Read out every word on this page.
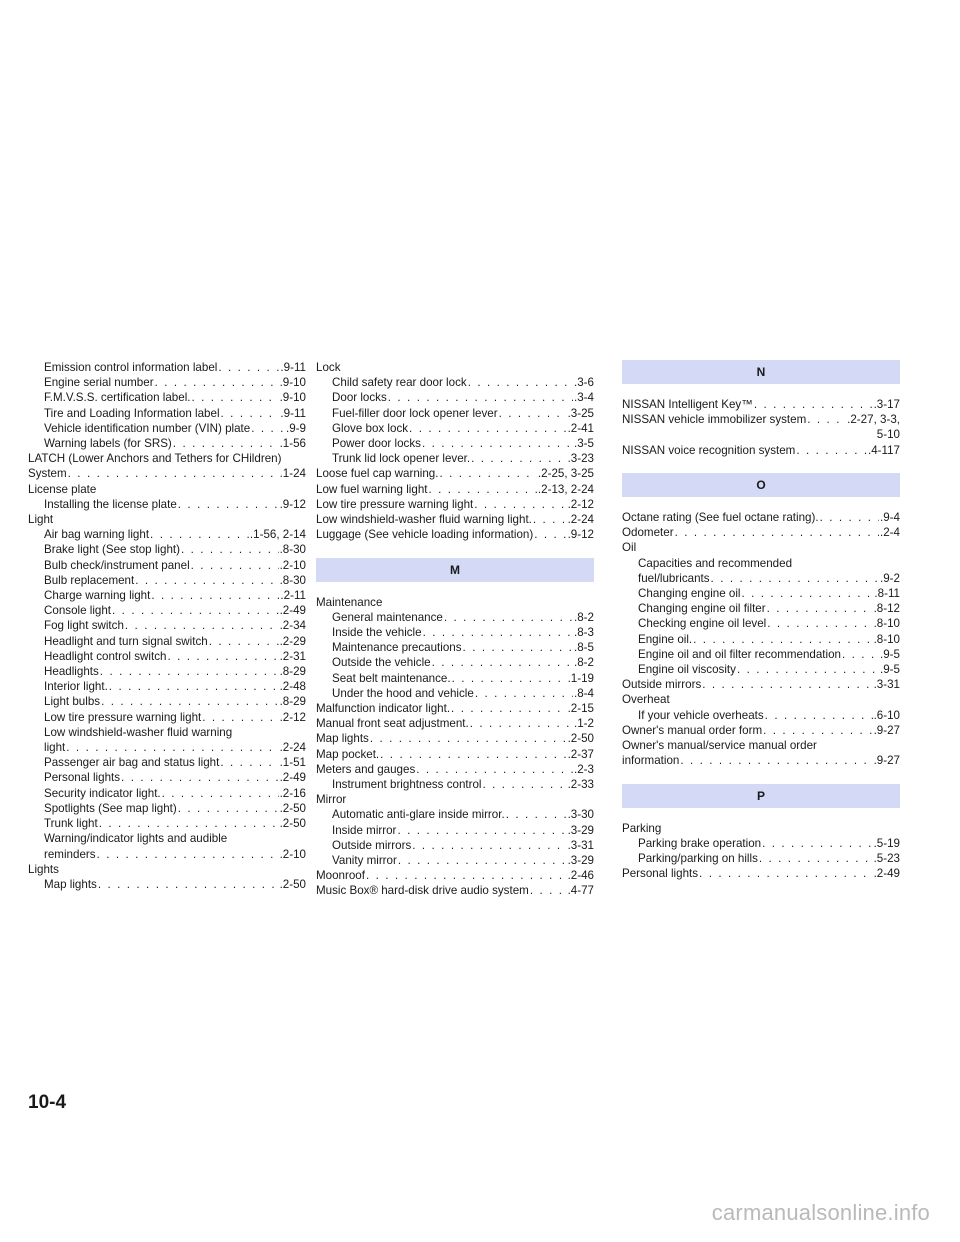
Emission control information label . . .	.9-11
Engine serial number . . .	.9-10
F.M.V.S.S. certification label. . . .	.9-10
Tire and Loading Information label . . .	.9-11
Vehicle identification number (VIN) plate . . .	.9-9
Warning labels (for SRS) . . .	.1-56
LATCH (Lower Anchors and Tethers for CHildren)
System . . .	.1-24
License plate
Installing the license plate . . .	.9-12
Light
Air bag warning light . . .	.1-56, 2-14
Brake light (See stop light) . . .	.8-30
Bulb check/instrument panel . . .	.2-10
Bulb replacement . . .	.8-30
Charge warning light . . .	.2-11
Console light . . .	.2-49
Fog light switch . . .	.2-34
Headlight and turn signal switch . . .	.2-29
Headlight control switch . . .	.2-31
Headlights . . .	.8-29
Interior light. . . .	.2-48
Light bulbs . . .	.8-29
Low tire pressure warning light . . .	.2-12
Low windshield-washer fluid warning
light . . .	.2-24
Passenger air bag and status light . . .	.1-51
Personal lights . . .	.2-49
Security indicator light. . . .	.2-16
Spotlights (See map light) . . .	.2-50
Trunk light . . .	.2-50
Warning/indicator lights and audible
reminders . . .	.2-10
Lights
Map lights . . .	.2-50
Lock
Child safety rear door lock . . .	.3-6
Door locks . . .	.3-4
Fuel-filler door lock opener lever . . .	.3-25
Glove box lock . . .	.2-41
Power door locks . . .	.3-5
Trunk lid lock opener lever. . . .	.3-23
Loose fuel cap warning. . . .	.2-25, 3-25
Low fuel warning light . . .	.2-13, 2-24
Low tire pressure warning light . . .	.2-12
Low windshield-washer fluid warning light. . . .	.2-24
Luggage (See vehicle loading information) . . .	.9-12
M
Maintenance
General maintenance . . .	.8-2
Inside the vehicle . . .	.8-3
Maintenance precautions . . .	.8-5
Outside the vehicle . . .	.8-2
Seat belt maintenance. . . .	.1-19
Under the hood and vehicle . . .	.8-4
Malfunction indicator light. . . .	.2-15
Manual front seat adjustment. . . .	.1-2
Map lights . . .	.2-50
Map pocket. . . .	.2-37
Meters and gauges . . .	.2-3
Instrument brightness control . . .	.2-33
Mirror
Automatic anti-glare inside mirror. . . .	.3-30
Inside mirror . . .	.3-29
Outside mirrors . . .	.3-31
Vanity mirror . . .	.3-29
Moonroof . . .	.2-46
Music Box® hard-disk drive audio system . . .	.4-77
N
NISSAN Intelligent Key™ . . .	.3-17
NISSAN vehicle immobilizer system . . .	.2-27, 3-3,
5-10
NISSAN voice recognition system . . .	.4-117
O
Octane rating (See fuel octane rating). . . .	.9-4
Odometer . . .	.2-4
Oil
Capacities and recommended
fuel/lubricants . . .	.9-2
Changing engine oil . . .	.8-11
Changing engine oil filter . . .	.8-12
Checking engine oil level . . .	.8-10
Engine oil. . . .	.8-10
Engine oil and oil filter recommendation . . .	.9-5
Engine oil viscosity . . .	.9-5
Outside mirrors . . .	.3-31
Overheat
If your vehicle overheats . . .	.6-10
Owner's manual order form . . .	.9-27
Owner's manual/service manual order
information . . .	.9-27
P
Parking
Parking brake operation . . .	.5-19
Parking/parking on hills . . .	.5-23
Personal lights . . .	.2-49
10-4
carmanualsonline.info
